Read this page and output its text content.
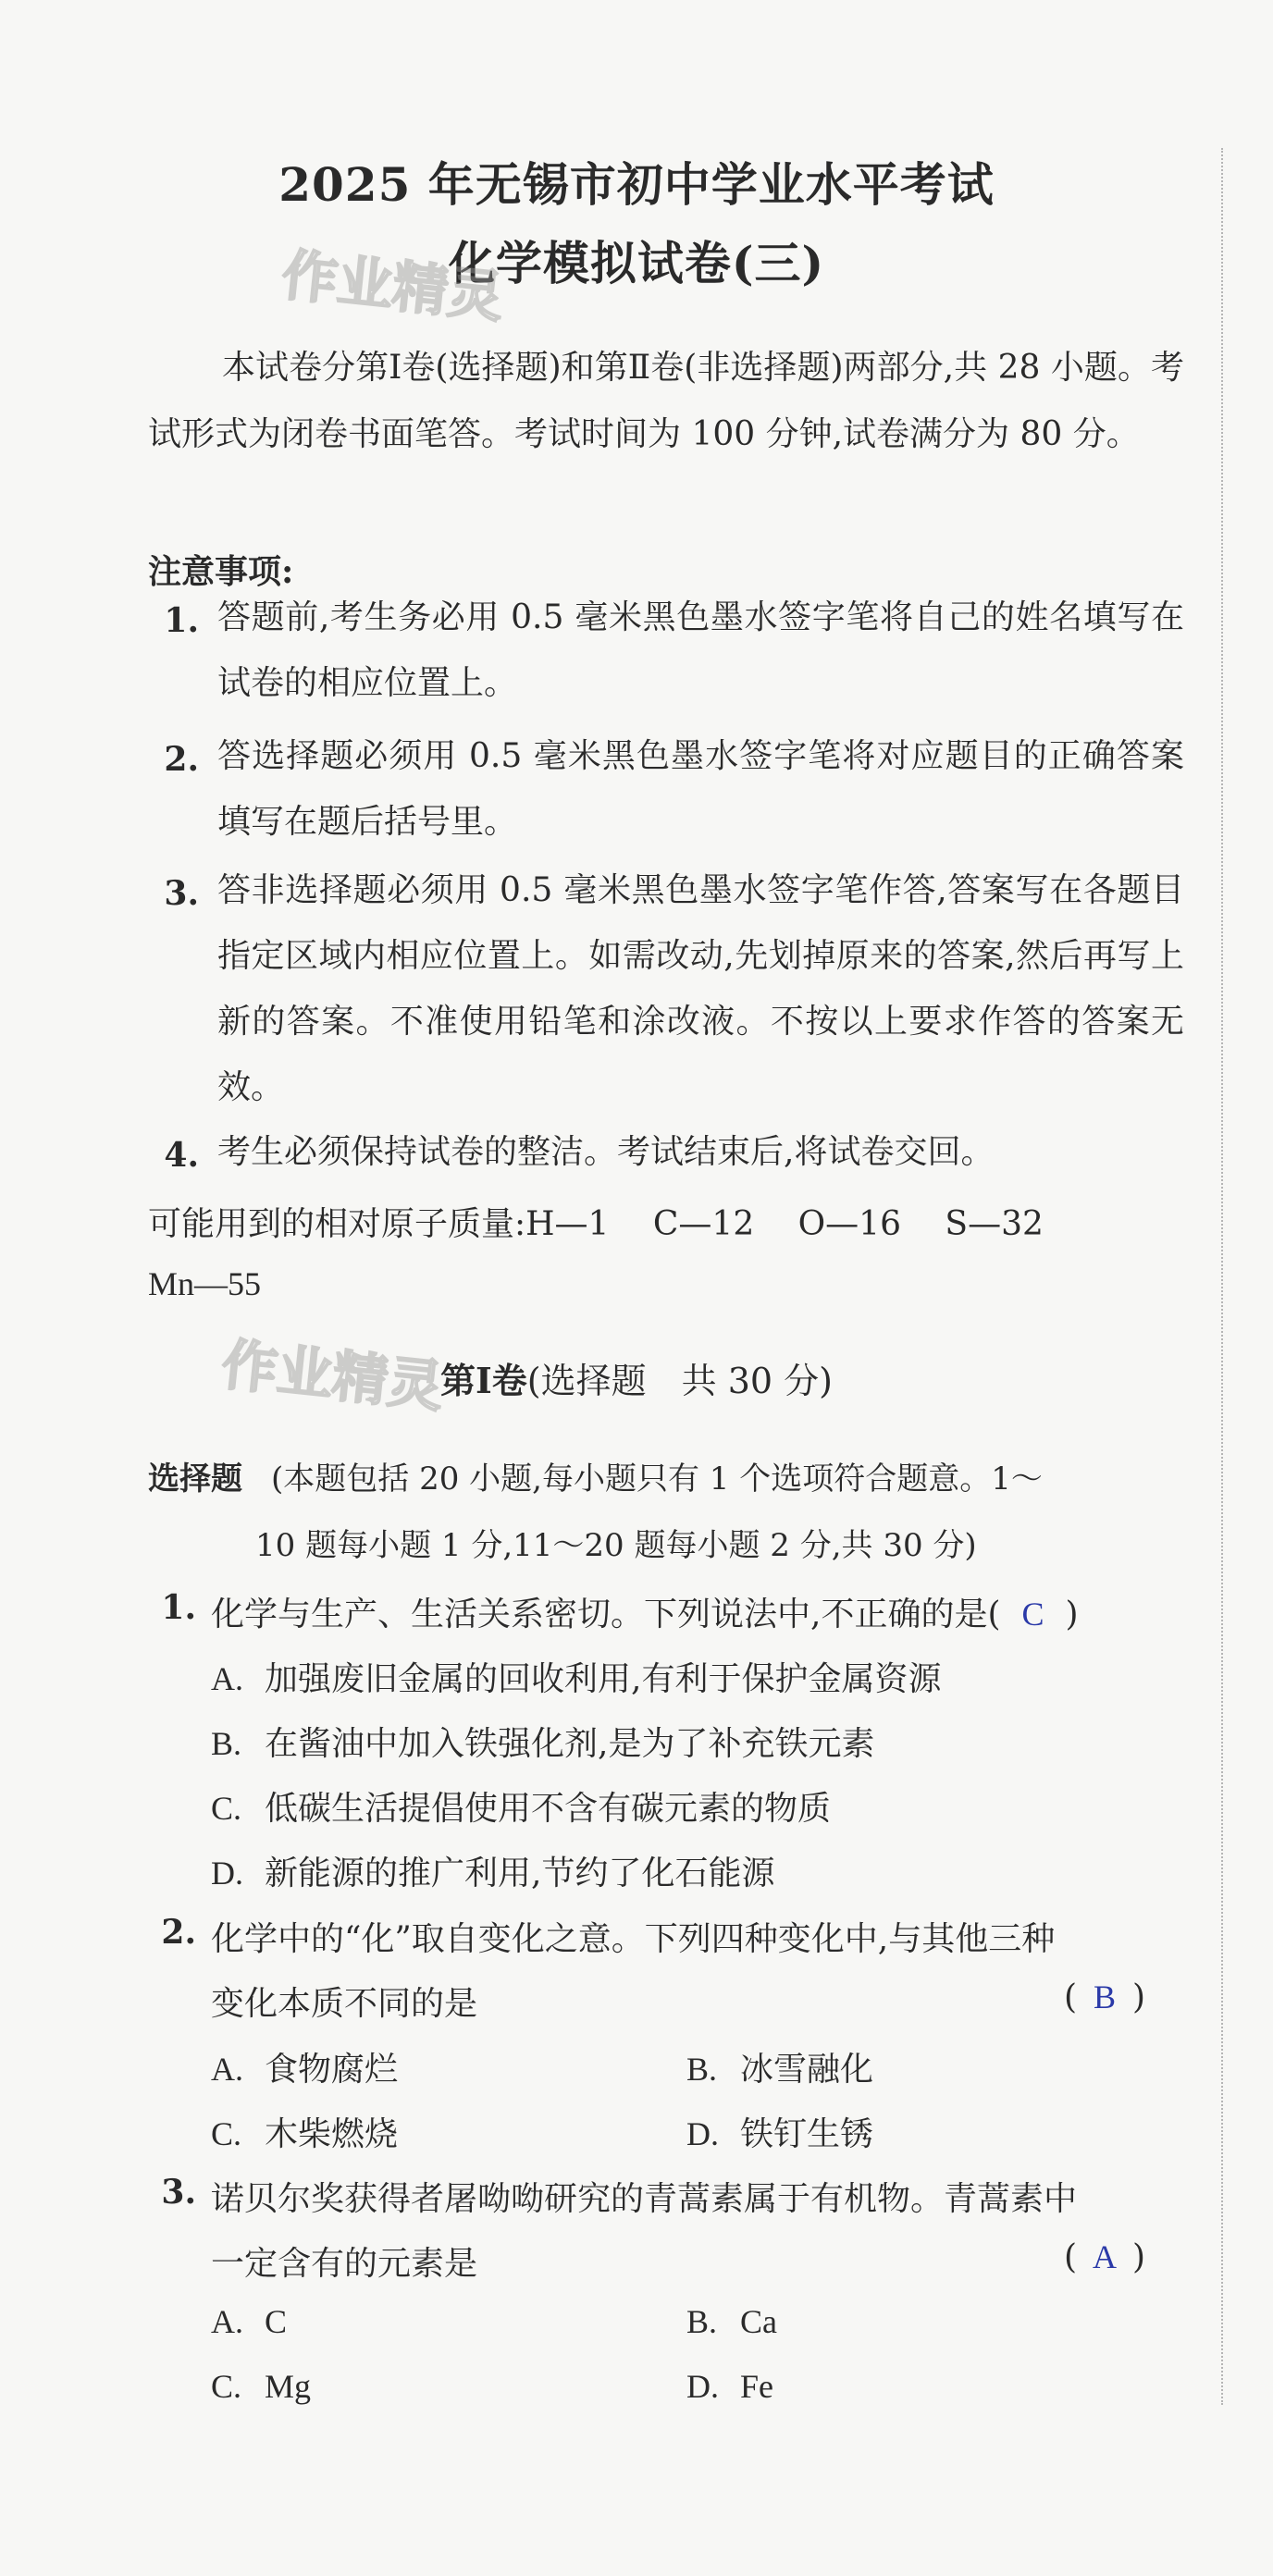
2025 年无锡市初中学业水平考试
化学模拟试卷(三)
作业精灵
本试卷分第Ⅰ卷(选择题)和第Ⅱ卷(非选择题)两部分,共 28 小题。考试形式为闭卷书面笔答。考试时间为 100 分钟,试卷满分为 80 分。
注意事项:
1. 答题前,考生务必用 0.5 毫米黑色墨水签字笔将自己的姓名填写在试卷的相应位置上。
2. 答选择题必须用 0.5 毫米黑色墨水签字笔将对应题目的正确答案填写在题后括号里。
3. 答非选择题必须用 0.5 毫米黑色墨水签字笔作答,答案写在各题目指定区域内相应位置上。如需改动,先划掉原来的答案,然后再写上新的答案。不准使用铅笔和涂改液。不按以上要求作答的答案无效。
4. 考生必须保持试卷的整洁。考试结束后,将试卷交回。
可能用到的相对原子质量:H—1　 C—12　 O—16　 S—32
Mn—55
作业精灵
第Ⅰ卷(选择题　共 30 分)
选择题 (本题包括 20 小题,每小题只有 1 个选项符合题意。1～
10 题每小题 1 分,11～20 题每小题 2 分,共 30 分)
1. 化学与生产、生活关系密切。下列说法中,不正确的是( C )
A. 加强废旧金属的回收利用,有利于保护金属资源
B. 在酱油中加入铁强化剂,是为了补充铁元素
C. 低碳生活提倡使用不含有碳元素的物质
D. 新能源的推广利用,节约了化石能源
2. 化学中的“化”取自变化之意。下列四种变化中,与其他三种
变化本质不同的是	( B )
A. 食物腐烂	B. 冰雪融化
C. 木柴燃烧	D. 铁钉生锈
3. 诺贝尔奖获得者屠呦呦研究的青蒿素属于有机物。青蒿素中
一定含有的元素是	( A )
A. C	B. Ca
C. Mg	D. Fe
